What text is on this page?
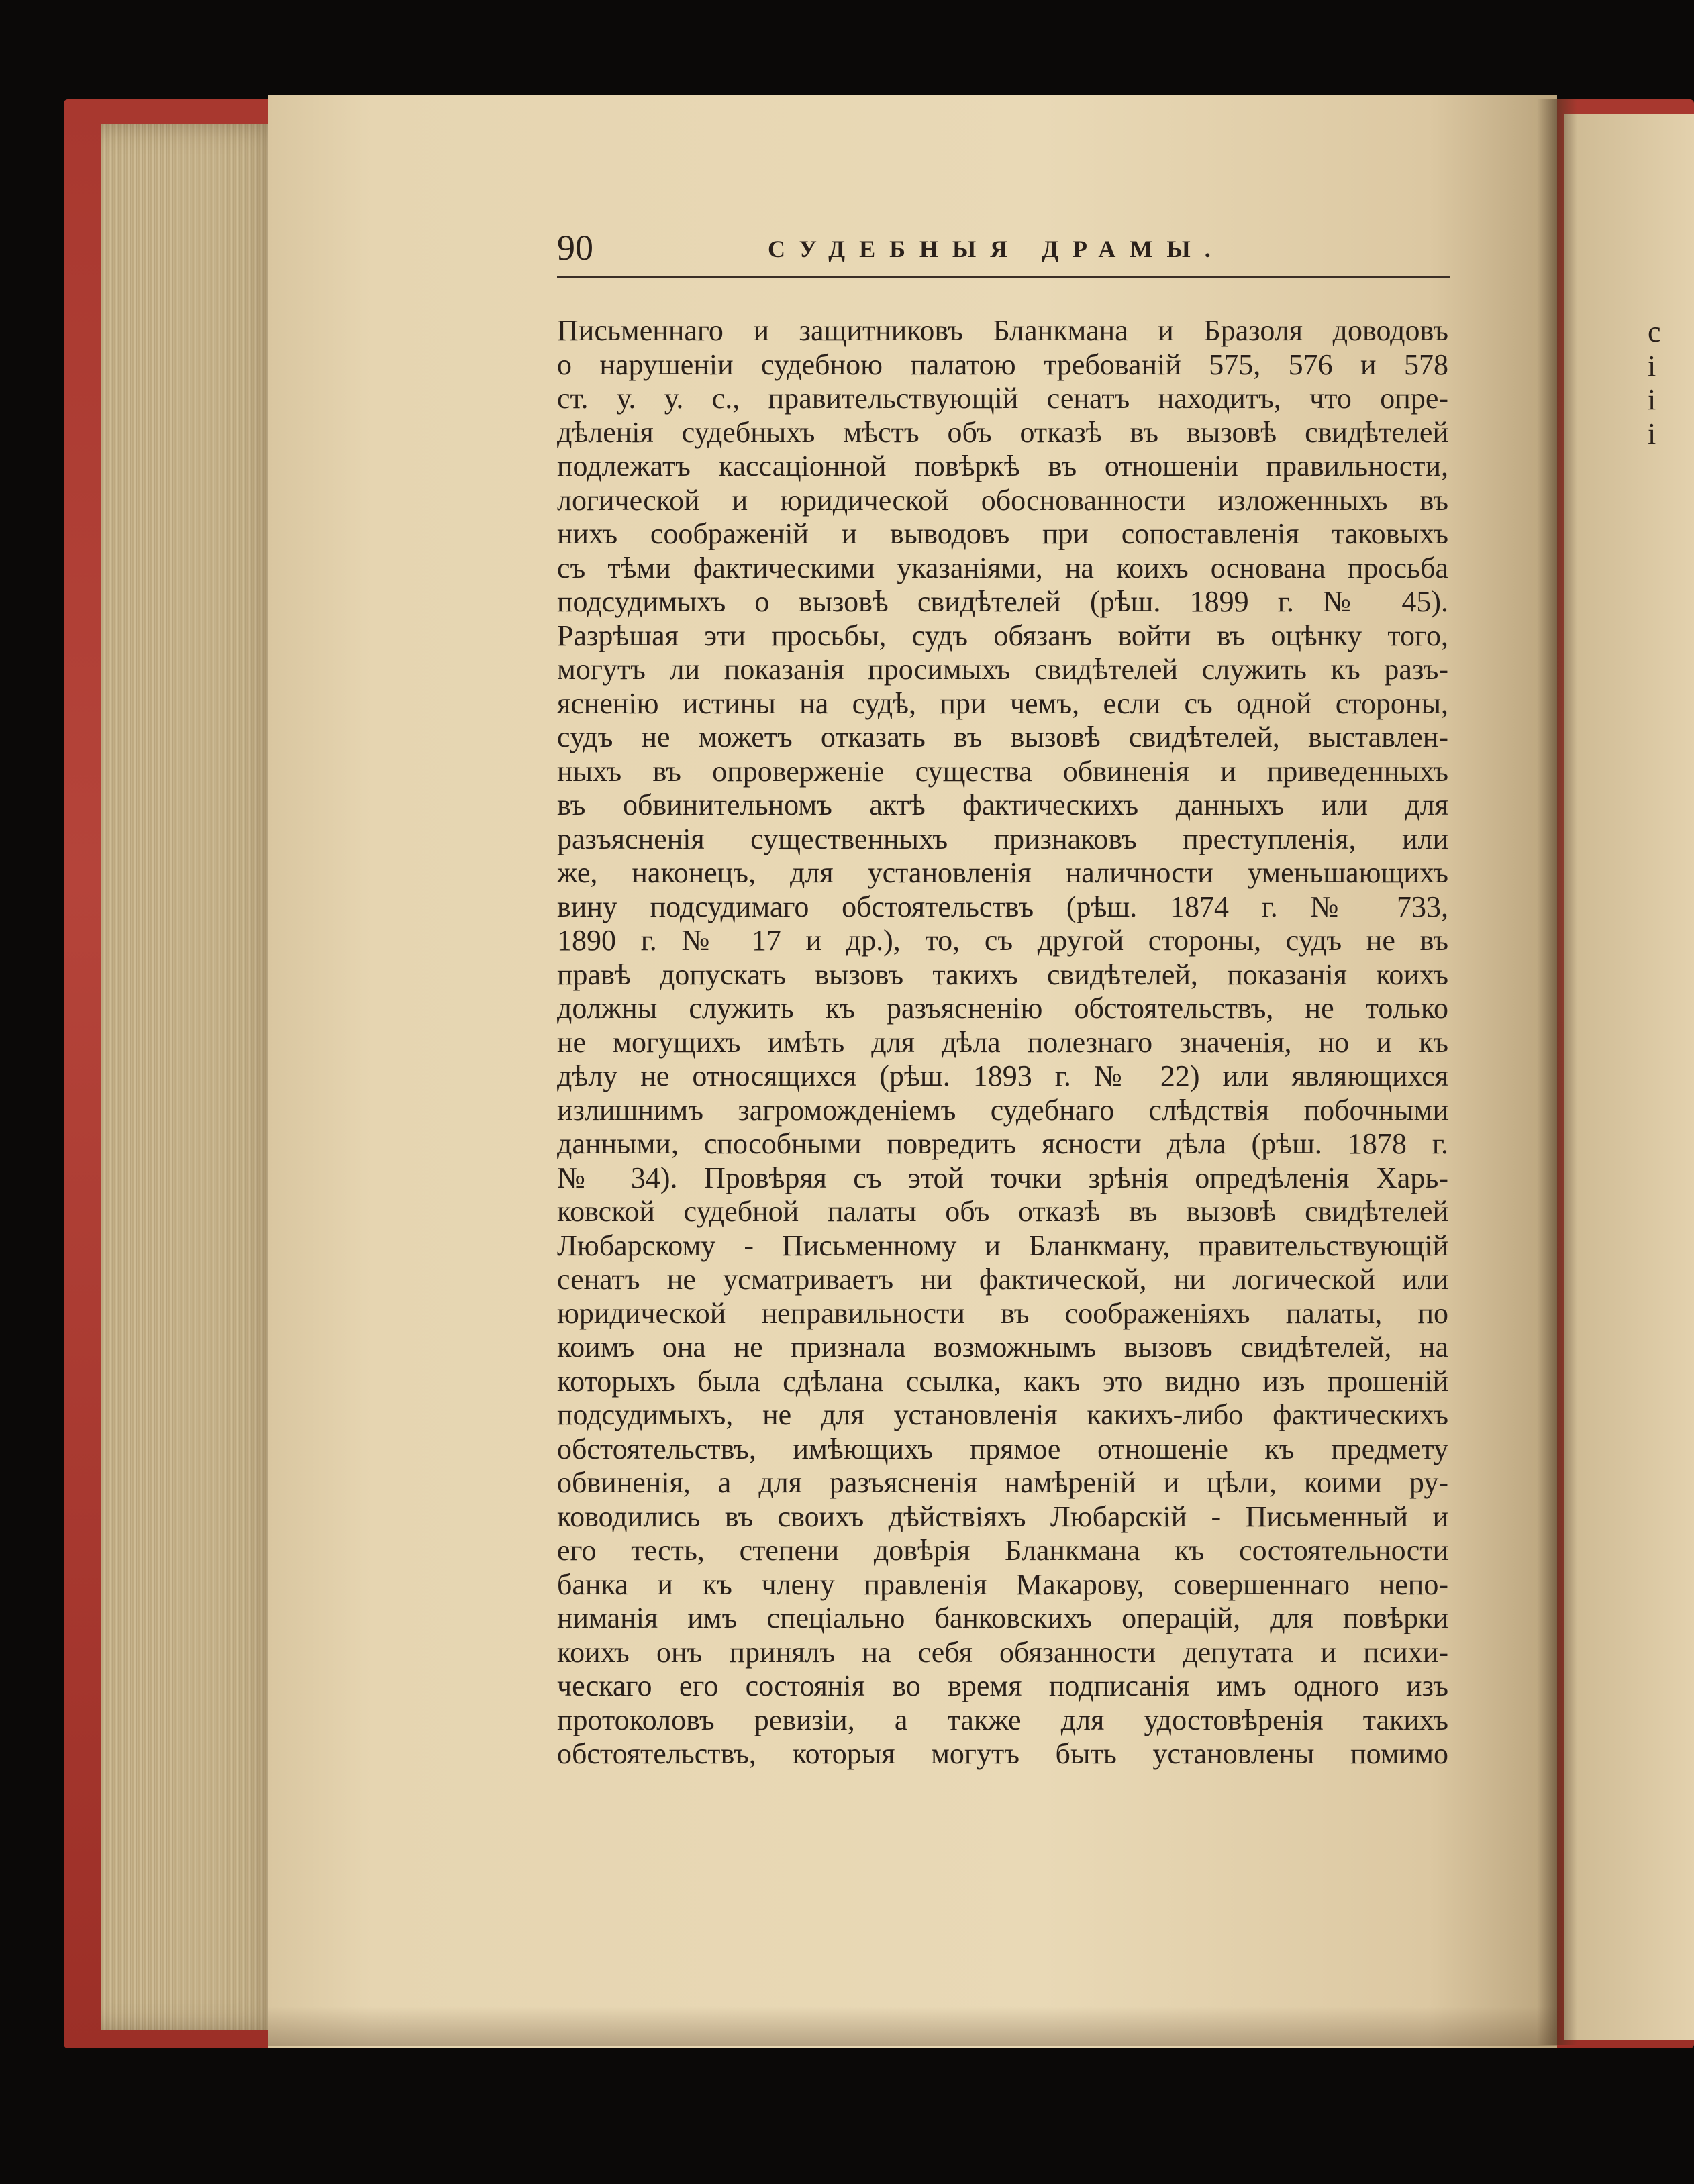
90	СУДЕБНЫЯ ДРАМЫ.
Письменнаго и защитниковъ Бланкмана и Бразоля доводовъ
о нарушеніи судебною палатою требованій 575, 576 и 578
ст. у. у. с., правительствующій сенатъ находитъ, что опре-
дѣленія судебныхъ мѣстъ объ отказѣ въ вызовѣ свидѣтелей
подлежатъ кассаціонной повѣркѣ въ отношеніи правильности,
логической и юридической обоснованности изложенныхъ въ
нихъ соображеній и выводовъ при сопоставленія таковыхъ
съ тѣми фактическими указаніями, на коихъ основана просьба
подсудимыхъ о вызовѣ свидѣтелей (рѣш. 1899 г. № 45).
Разрѣшая эти просьбы, судъ обязанъ войти въ оцѣнку того,
могутъ ли показанія просимыхъ свидѣтелей служить къ разъ-
ясненію истины на судѣ, при чемъ, если съ одной стороны,
судъ не можетъ отказать въ вызовѣ свидѣтелей, выставлен-
ныхъ въ опроверженіе существа обвиненія и приведенныхъ
въ обвинительномъ актѣ фактическихъ данныхъ или для
разъясненія существенныхъ признаковъ преступленія, или
же, наконецъ, для установленія наличности уменьшающихъ
вину подсудимаго обстоятельствъ (рѣш. 1874 г. № 733,
1890 г. № 17 и др.), то, съ другой стороны, судъ не въ
правѣ допускать вызовъ такихъ свидѣтелей, показанія коихъ
должны служить къ разъясненію обстоятельствъ, не только
не могущихъ имѣть для дѣла полезнаго значенія, но и къ
дѣлу не относящихся (рѣш. 1893 г. № 22) или являющихся
излишнимъ загроможденіемъ судебнаго слѣдствія побочными
данными, способными повредить ясности дѣла (рѣш. 1878 г.
№ 34). Провѣряя съ этой точки зрѣнія опредѣленія Харь-
ковской судебной палаты объ отказѣ въ вызовѣ свидѣтелей
Любарскому - Письменному и Бланкману, правительствующій
сенатъ не усматриваетъ ни фактической, ни логической или
юридической неправильности въ соображеніяхъ палаты, по
коимъ она не признала возможнымъ вызовъ свидѣтелей, на
которыхъ была сдѣлана ссылка, какъ это видно изъ прошеній
подсудимыхъ, не для установленія какихъ-либо фактическихъ
обстоятельствъ, имѣющихъ прямое отношеніе къ предмету
обвиненія, а для разъясненія намѣреній и цѣли, коими ру-
ководились въ своихъ дѣйствіяхъ Любарскій - Письменный и
его тесть, степени довѣрія Бланкмана къ состоятельности
банка и къ члену правленія Макарову, совершеннаго непо-
ниманія имъ спеціально банковскихъ операцій, для повѣрки
коихъ онъ принялъ на себя обязанности депутата и психи-
ческаго его состоянія во время подписанія имъ одного изъ
протоколовъ ревизіи, а также для удостовѣренія такихъ
обстоятельствъ, которыя могутъ быть установлены помимо
с
і
і
і
